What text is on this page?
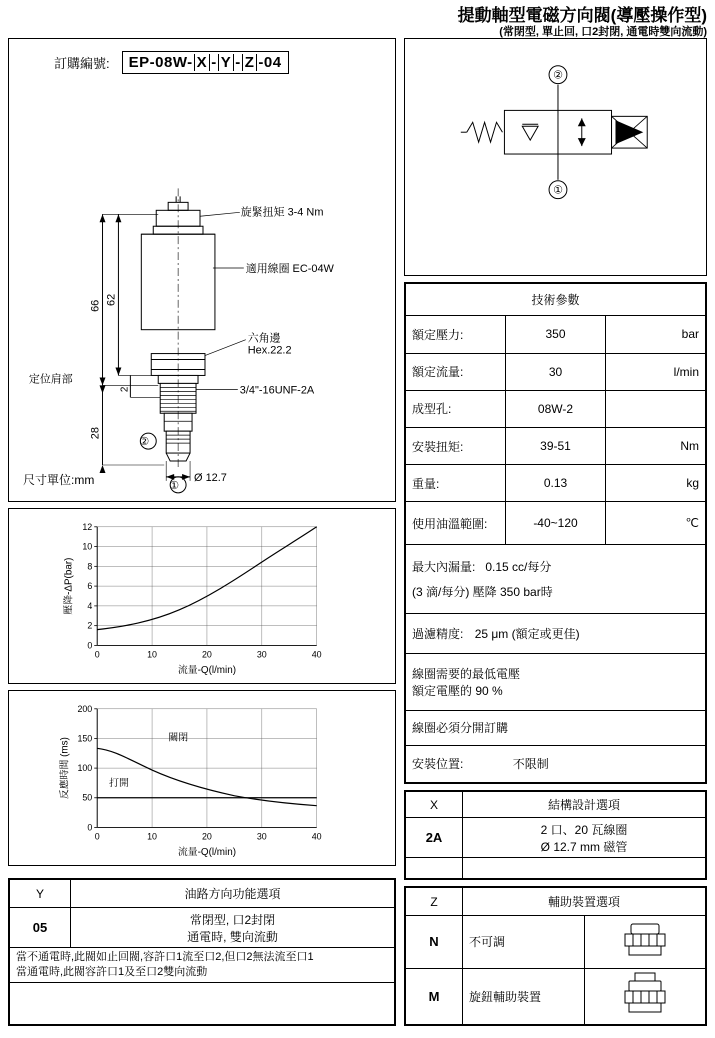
提動軸型電磁方向閥(導壓操作型)
(常閉型, 單止回, 口2封閉, 通電時雙向流動)
訂購編號:	EP-08W- X - Y - Z -04
旋緊扭矩 3-4 Nm
適用線圈 EC-04W
六角邊
Hex.22.2
3/4"-16UNF-2A
定位肩部
Ø 12.7
②
①
66 62
28
2
尺寸單位:mm
0
2
4
6
8
10
12
0	10	20	30	40
流量-Q(l/min)
壓降-ΔP(bar)
0
50
100
150
200
0	10	20	30	40
關閉
打開
流量-Q(l/min)
反應時間 (ms)
Y	油路方向功能選項
05	常閉型, 口2封閉
通電時, 雙向流動

當不通電時,此閥如止回閥,容許口1流至口2,但口2無法流至口1
當通電時,此閥容許口1及至口2雙向流動	

②
①
技術參數		
額定壓力:	350	bar
額定流量:	30	l/min
成型孔:	08W-2	
安裝扭矩:	39-51	Nm
重量:	0.13	kg
使用油溫範圍:	-40~120	℃

最大內漏量: 0.15 cc/每分
(3 滴/每分) 壓降 350 bar時		

過濾精度: 25 μm (額定或更佳)		

線圈需要的最低電壓
額定電壓的 90 %		

線圈必須分開訂購		
安裝位置: 不限制		
X	結構設計選項
2A	2 口、20 瓦線圈
Ø 12.7 mm 磁管

Z	輔助裝置選項	
N	不可調	
M	旋鈕輔助裝置	
